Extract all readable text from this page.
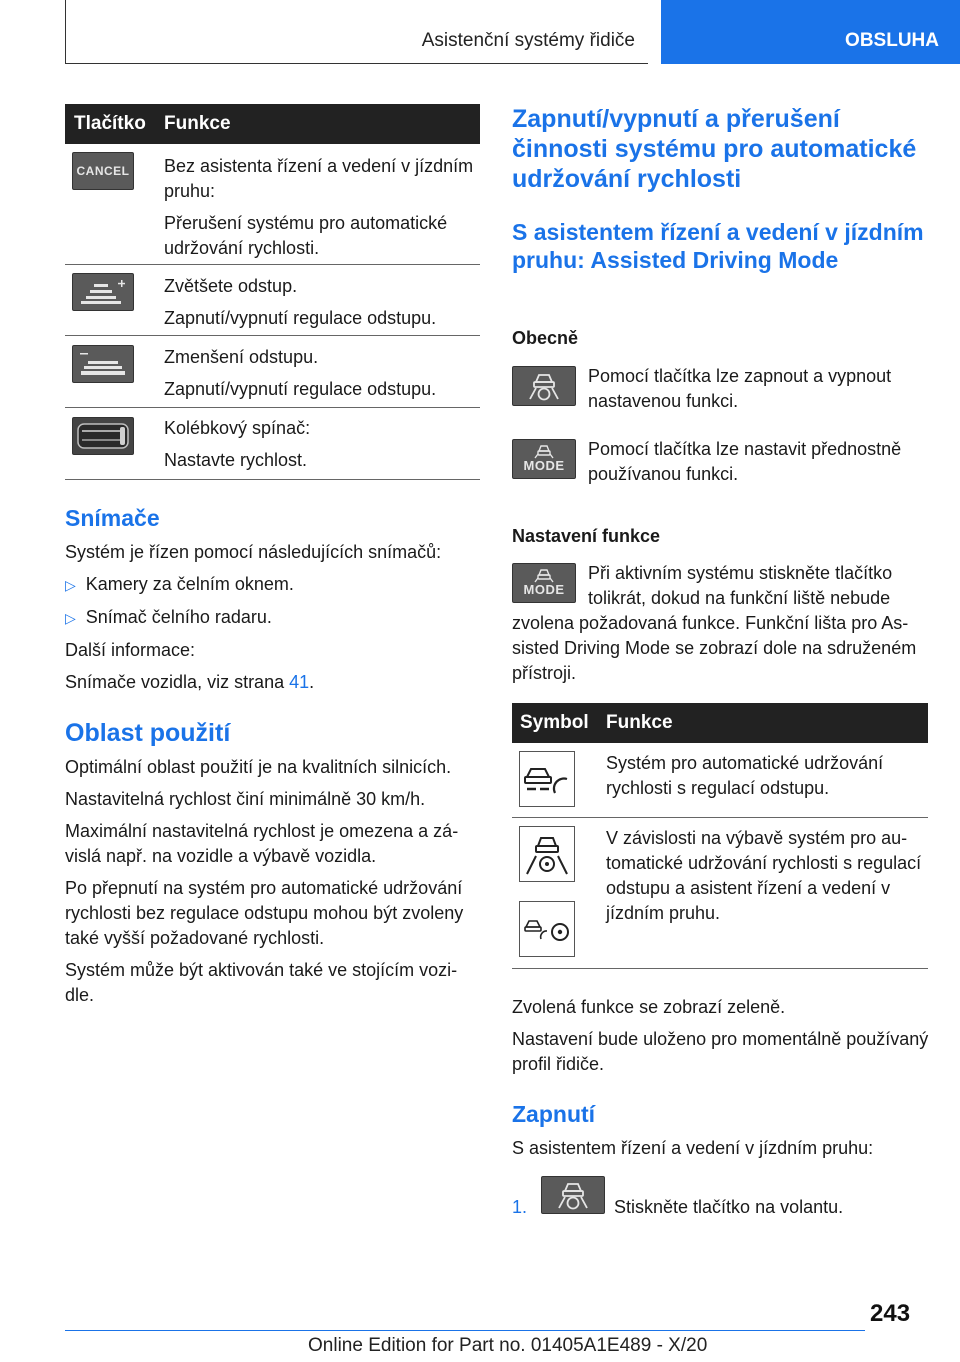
Asistenční systémy řidiče	OBSLUHA
Tlačítko Funkce
CANCEL Bez asistenta řízení a vedení v jízdním pruhu:

Přerušení systému pro automatické udržování rychlosti.

Zvětšete odstup.

Zapnutí/vypnutí regulace odstupu.

Zmenšení odstupu.

Zapnutí/vypnutí regulace odstupu.

Kolébkový spínač:

Nastavte rychlost.

Snímače

Systém je řízen pomocí následujících snímačů:

▷ Kamery za čelním oknem.

▷ Snímač čelního radaru.

Další informace:

Snímače vozidla, viz strana 41.

Oblast použití

Optimální oblast použití je na kvalitních silnicích.

Nastavitelná rychlost činí minimálně 30 km/h.

Maximální nastavitelná rychlost je omezena a závislá např. na vozidle a výbavě vozidla.

Po přepnutí na systém pro automatické udržování rychlosti bez regulace odstupu mohou být zvoleny také vyšší požadované rychlosti.

Systém může být aktivován také ve stojícím vozidle.

Zapnutí/vypnutí a přerušení činnosti systému pro automatické udržování rychlosti
S asistentem řízení a vedení v jízdním pruhu: Assisted Driving Mode
Obecně
Pomocí tlačítka lze zapnout a vypnout nastavenou funkci.
MODE
Pomocí tlačítka lze nastavit přednostně používanou funkci.
Nastavení funkce
MODE
Při aktivním systému stiskněte tlačítko tolikrát, dokud na funkční liště nebude
zvolena požadovaná funkce. Funkční lišta pro Assisted Driving Mode se zobrazí dole na sdruženém přístroji.
Symbol Funkce
Systém pro automatické udržování rychlosti s regulací odstupu.
V závislosti na výbavě systém pro automatické udržování rychlosti s regulací odstupu a asistent řízení a vedení v jízdním pruhu.

Zvolená funkce se zobrazí zeleně.

Nastavení bude uloženo pro momentálně používaný profil řidiče.

Zapnutí
S asistentem řízení a vedení v jízdním pruhu:
1.	Stiskněte tlačítko na volantu.
243
Online Edition for Part no. 01405A1E489 - X/20
